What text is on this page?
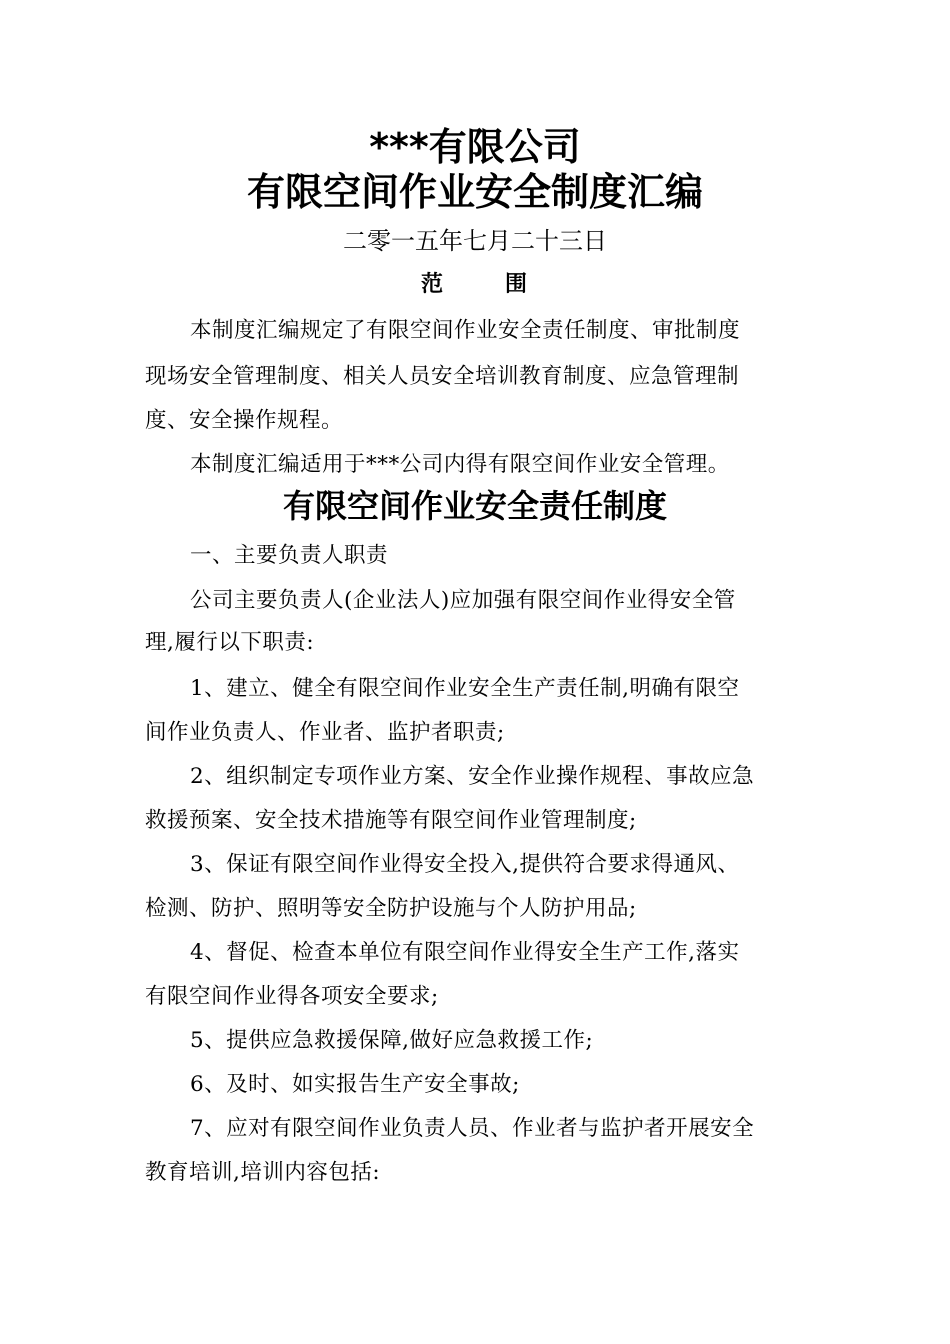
***有限公司
有限空间作业安全制度汇编
二零一五年七月二十三日
范	围
本制度汇编规定了有限空间作业安全责任制度、审批制度
现场安全管理制度、相关人员安全培训教育制度、应急管理制
度、安全操作规程。
本制度汇编适用于***公司内得有限空间作业安全管理。
有限空间作业安全责任制度
一、主要负责人职责
公司主要负责人(企业法人)应加强有限空间作业得安全管
理,履行以下职责:
1、建立、健全有限空间作业安全生产责任制,明确有限空
间作业负责人、作业者、监护者职责;
2、组织制定专项作业方案、安全作业操作规程、事故应急
救援预案、安全技术措施等有限空间作业管理制度;
3、保证有限空间作业得安全投入,提供符合要求得通风、
检测、防护、照明等安全防护设施与个人防护用品;
4、督促、检查本单位有限空间作业得安全生产工作,落实
有限空间作业得各项安全要求;
5、提供应急救援保障,做好应急救援工作;
6、及时、如实报告生产安全事故;
7、应对有限空间作业负责人员、作业者与监护者开展安全
教育培训,培训内容包括:
